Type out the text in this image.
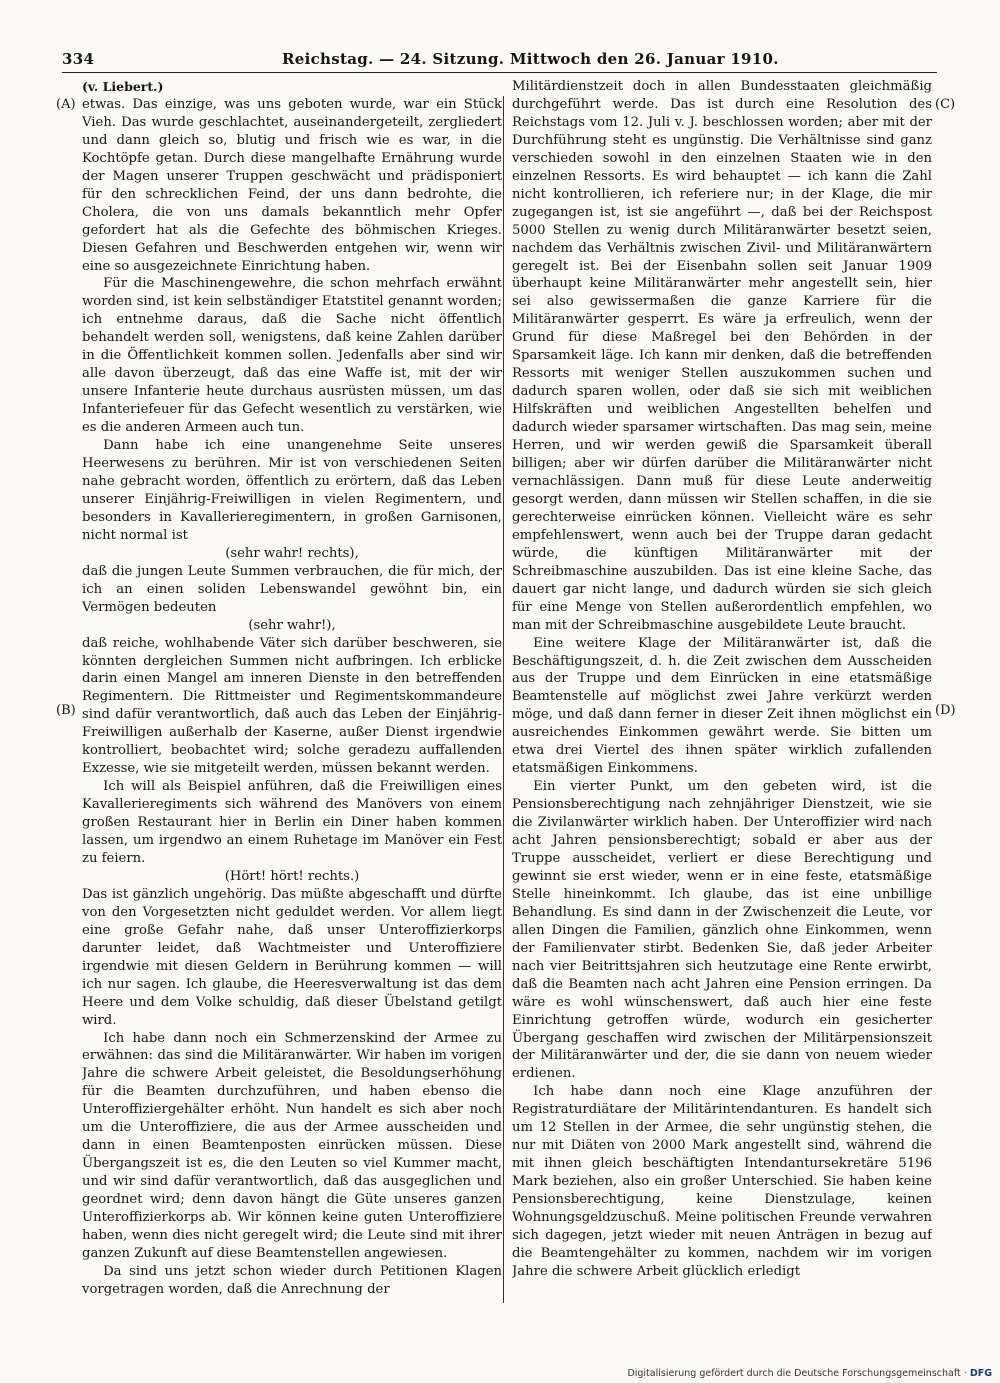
334	Reichstag. — 24. Sitzung. Mittwoch den 26. Januar 1910.
(A)
(B)
(C)
(D)
(v. Liebert.)

etwas. Das einzige, was uns geboten wurde, war ein Stück Vieh. Das wurde geschlachtet, auseinandergeteilt, zergliedert und dann gleich so, blutig und frisch wie es war, in die Kochtöpfe getan. Durch diese mangelhafte Ernährung wurde der Magen unserer Truppen geschwächt und prädisponiert für den schrecklichen Feind, der uns dann bedrohte, die Cholera, die von uns damals bekanntlich mehr Opfer gefordert hat als die Gefechte des böhmischen Krieges. Diesen Gefahren und Beschwerden entgehen wir, wenn wir eine so ausgezeichnete Einrichtung haben.

Für die Maschinengewehre, die schon mehrfach erwähnt worden sind, ist kein selbständiger Etatstitel genannt worden; ich entnehme daraus, daß die Sache nicht öffentlich behandelt werden soll, wenigstens, daß keine Zahlen darüber in die Öffentlichkeit kommen sollen. Jedenfalls aber sind wir alle davon überzeugt, daß das eine Waffe ist, mit der wir unsere Infanterie heute durchaus ausrüsten müssen, um das Infanteriefeuer für das Gefecht wesentlich zu verstärken, wie es die anderen Armeen auch tun.

Dann habe ich eine unangenehme Seite unseres Heerwesens zu berühren. Mir ist von verschiedenen Seiten nahe gebracht worden, öffentlich zu erörtern, daß das Leben unserer Einjährig-Freiwilligen in vielen Regimentern, und besonders in Kavallerieregimentern, in großen Garnisonen, nicht normal ist

(sehr wahr! rechts),

daß die jungen Leute Summen verbrauchen, die für mich, der ich an einen soliden Lebenswandel gewöhnt bin, ein Vermögen bedeuten

(sehr wahr!),

daß reiche, wohlhabende Väter sich darüber beschweren, sie könnten dergleichen Summen nicht aufbringen. Ich erblicke darin einen Mangel am inneren Dienste in den betreffenden Regimentern. Die Rittmeister und Regimentskommandeure sind dafür verantwortlich, daß auch das Leben der Einjährig-Freiwilligen außerhalb der Kaserne, außer Dienst irgendwie kontrolliert, beobachtet wird; solche geradezu auffallenden Exzesse, wie sie mitgeteilt werden, müssen bekannt werden.

Ich will als Beispiel anführen, daß die Freiwilligen eines Kavallerieregiments sich während des Manövers von einem großen Restaurant hier in Berlin ein Diner haben kommen lassen, um irgendwo an einem Ruhetage im Manöver ein Fest zu feiern.

(Hört! hört! rechts.)

Das ist gänzlich ungehörig. Das müßte abgeschafft und dürfte von den Vorgesetzten nicht geduldet werden. Vor allem liegt eine große Gefahr nahe, daß unser Unteroffizierkorps darunter leidet, daß Wachtmeister und Unteroffiziere irgendwie mit diesen Geldern in Berührung kommen — will ich nur sagen. Ich glaube, die Heeresverwaltung ist das dem Heere und dem Volke schuldig, daß dieser Übelstand getilgt wird.

Ich habe dann noch ein Schmerzenskind der Armee zu erwähnen: das sind die Militäranwärter. Wir haben im vorigen Jahre die schwere Arbeit geleistet, die Besoldungserhöhung für die Beamten durchzuführen, und haben ebenso die Unteroffiziergehälter erhöht. Nun handelt es sich aber noch um die Unteroffiziere, die aus der Armee ausscheiden und dann in einen Beamtenposten einrücken müssen. Diese Übergangszeit ist es, die den Leuten so viel Kummer macht, und wir sind dafür verantwortlich, daß das ausgeglichen und geordnet wird; denn davon hängt die Güte unseres ganzen Unteroffizierkorps ab. Wir können keine guten Unteroffiziere haben, wenn dies nicht geregelt wird; die Leute sind mit ihrer ganzen Zukunft auf diese Beamtenstellen angewiesen.

Da sind uns jetzt schon wieder durch Petitionen Klagen vorgetragen worden, daß die Anrechnung der

Militärdienstzeit doch in allen Bundesstaaten gleichmäßig durchgeführt werde. Das ist durch eine Resolution des Reichstags vom 12. Juli v. J. beschlossen worden; aber mit der Durchführung steht es ungünstig. Die Verhältnisse sind ganz verschieden sowohl in den einzelnen Staaten wie in den einzelnen Ressorts. Es wird behauptet — ich kann die Zahl nicht kontrollieren, ich referiere nur; in der Klage, die mir zugegangen ist, ist sie angeführt —, daß bei der Reichspost 5000 Stellen zu wenig durch Militäranwärter besetzt seien, nachdem das Verhältnis zwischen Zivil- und Militäranwärtern geregelt ist. Bei der Eisenbahn sollen seit Januar 1909 überhaupt keine Militäranwärter mehr angestellt sein, hier sei also gewissermaßen die ganze Karriere für die Militäranwärter gesperrt. Es wäre ja erfreulich, wenn der Grund für diese Maßregel bei den Behörden in der Sparsamkeit läge. Ich kann mir denken, daß die betreffenden Ressorts mit weniger Stellen auszukommen suchen und dadurch sparen wollen, oder daß sie sich mit weiblichen Hilfskräften und weiblichen Angestellten behelfen und dadurch wieder sparsamer wirtschaften. Das mag sein, meine Herren, und wir werden gewiß die Sparsamkeit überall billigen; aber wir dürfen darüber die Militäranwärter nicht vernachlässigen. Dann muß für diese Leute anderweitig gesorgt werden, dann müssen wir Stellen schaffen, in die sie gerechterweise einrücken können. Vielleicht wäre es sehr empfehlenswert, wenn auch bei der Truppe daran gedacht würde, die künftigen Militäranwärter mit der Schreibmaschine auszubilden. Das ist eine kleine Sache, das dauert gar nicht lange, und dadurch würden sie sich gleich für eine Menge von Stellen außerordentlich empfehlen, wo man mit der Schreibmaschine ausgebildete Leute braucht.

Eine weitere Klage der Militäranwärter ist, daß die Beschäftigungszeit, d. h. die Zeit zwischen dem Ausscheiden aus der Truppe und dem Einrücken in eine etatsmäßige Beamtenstelle auf möglichst zwei Jahre verkürzt werden möge, und daß dann ferner in dieser Zeit ihnen möglichst ein ausreichendes Einkommen gewährt werde. Sie bitten um etwa drei Viertel des ihnen später wirklich zufallenden etatsmäßigen Einkommens.

Ein vierter Punkt, um den gebeten wird, ist die Pensionsberechtigung nach zehnjähriger Dienstzeit, wie sie die Zivilanwärter wirklich haben. Der Unteroffizier wird nach acht Jahren pensionsberechtigt; sobald er aber aus der Truppe ausscheidet, verliert er diese Berechtigung und gewinnt sie erst wieder, wenn er in eine feste, etatsmäßige Stelle hineinkommt. Ich glaube, das ist eine unbillige Behandlung. Es sind dann in der Zwischenzeit die Leute, vor allen Dingen die Familien, gänzlich ohne Einkommen, wenn der Familienvater stirbt. Bedenken Sie, daß jeder Arbeiter nach vier Beitrittsjahren sich heutzutage eine Rente erwirbt, daß die Beamten nach acht Jahren eine Pension erringen. Da wäre es wohl wünschenswert, daß auch hier eine feste Einrichtung getroffen würde, wodurch ein gesicherter Übergang geschaffen wird zwischen der Militärpensionszeit der Militäranwärter und der, die sie dann von neuem wieder erdienen.

Ich habe dann noch eine Klage anzuführen der Registraturdiätare der Militärintendanturen. Es handelt sich um 12 Stellen in der Armee, die sehr ungünstig stehen, die nur mit Diäten von 2000 Mark angestellt sind, während die mit ihnen gleich beschäftigten Intendantursekretäre 5196 Mark beziehen, also ein großer Unterschied. Sie haben keine Pensionsberechtigung, keine Dienstzulage, keinen Wohnungsgeldzuschuß. Meine politischen Freunde verwahren sich dagegen, jetzt wieder mit neuen Anträgen in bezug auf die Beamtengehälter zu kommen, nachdem wir im vorigen Jahre die schwere Arbeit glücklich erledigt

Digitalisierung gefördert durch die Deutsche Forschungsgemeinschaft · DFG
